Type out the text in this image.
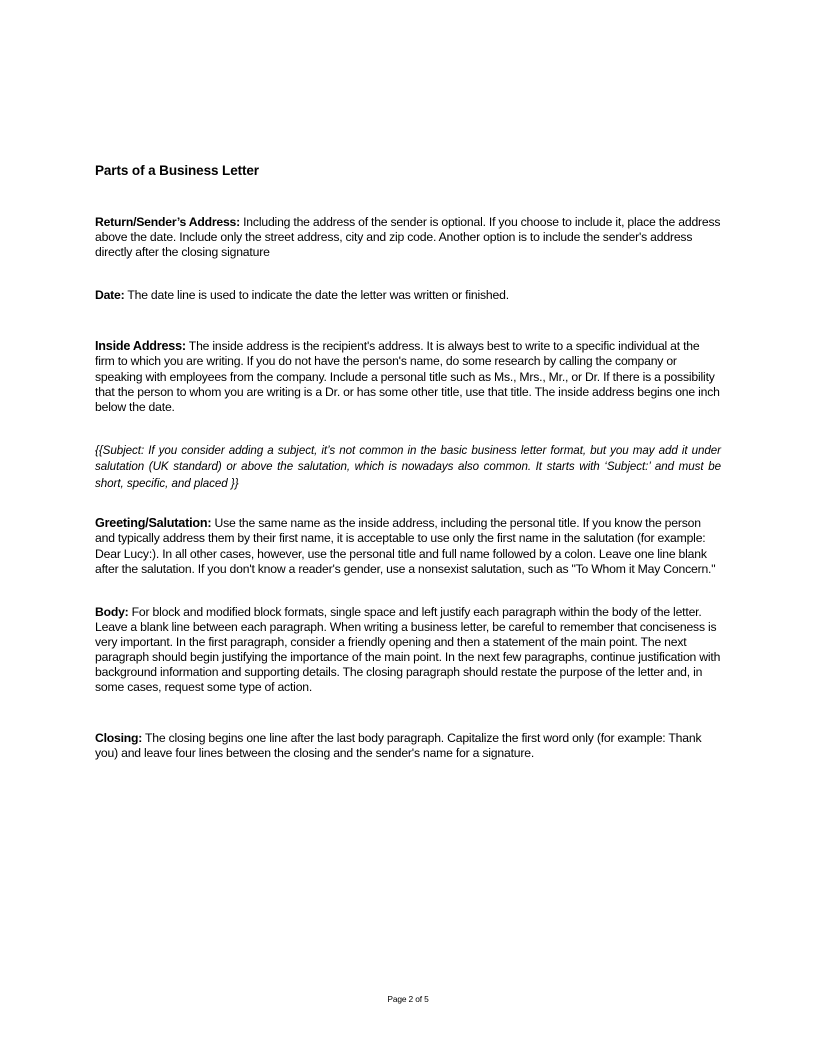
Parts of a Business Letter

Return/Sender’s Address: Including the address of the sender is optional. If you choose to include it, place the address above the date. Include only the street address, city and zip code. Another option is to include the sender's address directly after the closing signature

Date: The date line is used to indicate the date the letter was written or finished.

Inside Address: The inside address is the recipient's address. It is always best to write to a specific individual at the firm to which you are writing. If you do not have the person's name, do some research by calling the company or speaking with employees from the company. Include a personal title such as Ms., Mrs., Mr., or Dr. If there is a possibility that the person to whom you are writing is a Dr. or has some other title, use that title. The inside address begins one inch below the date.

{{Subject: If you consider adding a subject, it’s not common in the basic business letter format, but you may add it under salutation (UK standard) or above the salutation, which is nowadays also common. It starts with ‘Subject:’ and must be short, specific, and placed }}

Greeting/Salutation: Use the same name as the inside address, including the personal title. If you know the person and typically address them by their first name, it is acceptable to use only the first name in the salutation (for example: Dear Lucy:). In all other cases, however, use the personal title and full name followed by a colon. Leave one line blank after the salutation. If you don't know a reader's gender, use a nonsexist salutation, such as "To Whom it May Concern."

Body: For block and modified block formats, single space and left justify each paragraph within the body of the letter. Leave a blank line between each paragraph. When writing a business letter, be careful to remember that conciseness is very important. In the first paragraph, consider a friendly opening and then a statement of the main point. The next paragraph should begin justifying the importance of the main point. In the next few paragraphs, continue justification with background information and supporting details. The closing paragraph should restate the purpose of the letter and, in some cases, request some type of action.

Closing: The closing begins one line after the last body paragraph. Capitalize the first word only (for example: Thank you) and leave four lines between the closing and the sender's name for a signature.

Page 2 of 5
